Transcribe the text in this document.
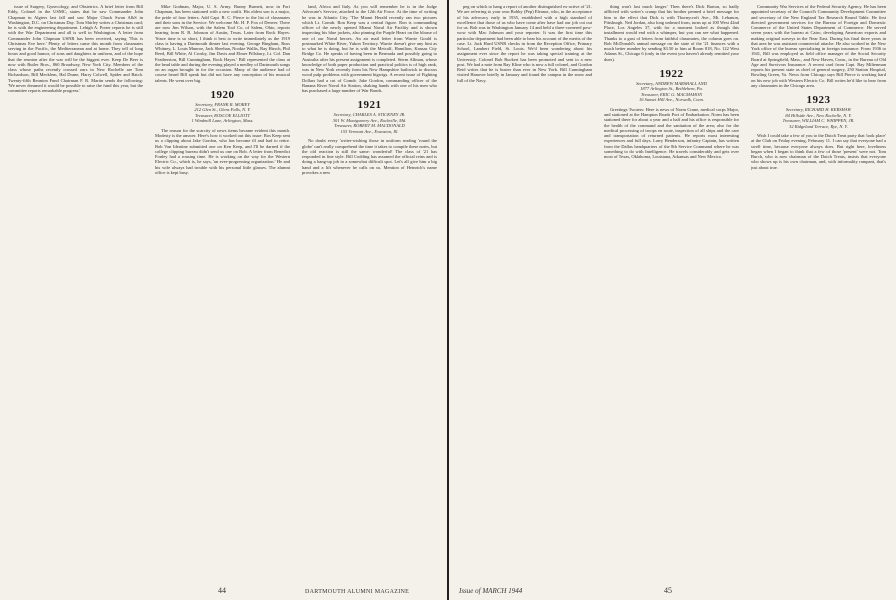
issue of Surgery, Gynecology, and Obstetrics. A brief letter from Bill Eddy, Colonel in the USMC, states that he saw Commander John Chapman in Algiers last fall and saw Major Chuck Swan A&S in Washington, D.C. on Christmas Day. Tom Shirley writes a Christmas card; he is with the engineering department. Lehigh A. Porter reports he is still with the War Department and all is well in Washington. A letter from Commander John Chipman USNR has been received, saying 'This is Christmas Eve here.' Plenty of letters came this month from classmates serving in the Pacific, the Mediterranean and at home. They tell of long hours and good humor, of sons and daughters in uniform, and of the hope that the reunion after the war will be the biggest ever. Keep De Beer is now with Butler Bros., 860 Broadway, New York City. Members of the class whose paths recently crossed ours in New Rochelle are Tom Richardson, Bill Mecklem, Hal Drane, Harry Colwell, Spider and Batch. Twenty-fifth Reunion Fund Chairman F. R. Martin sends the following: 'We never dreamed it would be possible to raise the fund this year, but the committee reports remarkable progress.'

Mike Godman, Major, U. S. Army. Bunny Burnett, now in Fort Chapman, has been stationed with a new outfit. His oldest son is a major, the pride of four letters. Add Capt. R. C. Pierce to the list of classmates and their sons in the Service. We welcome Mr. H. P. Fox of Denver. There are now Jim Wilson, with the Salem Tool Co. of Salem, Ohio, reports hearing from R. B. Johnson of Austin, Texas. Later from Rock Hayes: 'Since time is so short, I think it best to write immediately as the 1919 class is having a Dartmouth dinner last evening. George Bingham, Russ Whitney, L. Louis Munroe, Jack Sheehan, Nookie Wallis, Ray Hirsch, Phil Reed, Bill White, Al Crosby, Jim Davis and Elmer Pillsbury, Lt. Col. Dan Featherston, Bill Cunningham, Rock Hayes.' Bill represented the class at the head table and during the evening played a medley of Dartmouth songs on an organ brought in for the occasion. Many of the audience had of course heard Bill speak but did not have any conception of his musical talents. He went over big.

1920
Secretary, FRANK R. MOREY
212 Glen St., Glens Falls, N. Y.
Treasurer, ROSCOE ELLIOTT
1 Windmill Lane, Arlington, Mass.

The reason for the scarcity of news items became evident this month. Modesty is the answer. Here's how it worked out this issue: Ros Keep sent us a clipping about Jake Gordon, who has become ill and had to retire. Bob Van Ideutine submitted one on Ken Keep, and I'll be darned if the college clipping bureau didn't send us one on Bob. A letter from Benedict Fonley had a rousing time. He is working on the way for the Western Electric Co., which is, he says, 'an ever-progressing organization.' He and his wife always had trouble with his personal little glasses. The alumni office is kept busy.

land, Africa and Italy. As you will remember he is in the Judge Advocate's Service, attached to the 12th Air Force. At the time of writing he was in Atlantic City. 'The Miami Herald recently ran two pictures which Lt. Comdr. Ron Keep was a central figure. Ron is commanding officer of the newly opened Miami Naval Air Facility and is shown inspecting his blue jackets, also pinning the Purple Heart on the blouse of one of our Naval heroes. An air mail letter from Warrie Gould is postmarked White River, Yukon Territory. Warrie doesn't give any hint as to what he is doing, but he is with the Metcalf, Hamilton, Kansas City Bridge Co. He speaks of having been in Bermuda and possibly going to Australia after his present assignment is completed. Sterm Allman, whose knowledge of both paper production and practical politics is of high rank, was in New York recently from his New Hampshire bailiwick to discuss wood pulp problems with government bigwigs. A recent issue of Fighting Dollars had a cut of Comdr. Jake Gordon, commanding officer of the Banana River Naval Air Station, shaking hands with one of his men who has purchased a large number of War Bonds.

1921
Secretary, CHARLES A. STICKNEY JR.
301 W. Montgomery Ave., Rockville, Md.
Treasurer, ROBERT M. MACDONALD
153 Vermont Ave., Evanston, Ill.

No doubt every 'writer-wishing those in uniform reading 'round the globe' can't really comprehend the time it takes to compile these notes, but the old reaction is still the same: wonderful! The class of '21 has responded in fine style. Bill Codding has assumed the official reins and is doing a bang-up job in a somewhat difficult spot. Let's all give him a big hand and a lift whenever he calls on us. Mention of Heinrich's name provokes a new

44	DARTMOUTH ALUMNI MAGAZINE

peg on which to hang a report of another distinguished ex-active of '21. We are referring to your own Bobby (Pep) Eleanor, who, in the acceptance of his advocacy early in 1935, established with a high standard of excellence that those of us who have come after have had our job cut out for us. Bob was in Washington January 14 and held a three-cornered pow-wow with Mac Johnson and your reporter. It was the first time this particular department had been able to hear his account of the merits of the case. Lt. Jack Hurd USNR checks in from the Reception Office, Primary School, Lambert Field, St. Louis. We'd been wondering about his assignment ever since the report he was taking special training at the University. Colonel Bob Ruckert has been promoted and sent to a new post. We had a note from Ray Kline who is now a full colonel, and Gordon Reid writes that he is busier than ever in New York. Bill Cunningham visited Hanover briefly in January and found the campus in the snow and full of the Navy.

thing won't last much longer.' Then there's Dick Barton, so badly afflicted with writer's cramp that his brother penned a brief message for him to the effect that Dick is with Thornycroft Ave., Mt. Lebanon, Pittsburgh. Ned Jordan, also long unheard from, turns up at 100 West 42nd Place, Los Angeles 37, with for a moment looked as though this installment would end with a whimper, but you can see what happened. Thanks to a gust of letters from faithful classmates, the column goes on. Bob McDonald's annual message on the state of the '21 finances with a much better number by sending $3.50 to him at Room 818, No. 122 West Adams St., Chicago 6 (only in the event you haven't already remitted your dues).

1922
Secretary, ANDREW MARSHALL AND
1877 Arlington St., Bethlehem, Pa.
Treasurer, ERIC G. MACMAHON
16 Sunset Hill Ave., Norwalk, Conn.

Greetings Twoters: Here is news of Norm Crane, medical corps Major, and stationed at the Hampton Roads Port of Embarkation. Norm has been stationed there for about a year and a half and his office is responsible for the health of the command and the sanitation of the area; also for the medical processing of troops en route, inspection of all ships and the care and transportation of returned patients. He reports most interesting experiences and full days. Larry Henderson, infantry Captain, has written from the Dallas headquarters of the 8th Service Command where he was something to do with Intelligence. He travels considerably and gets over most of Texas, Oklahoma, Louisiana, Arkansas and New Mexico.

Community War Services of the Federal Security Agency. He has been appointed secretary of the Council's Community Development Committee and secretary of the New England Tax Research Round Table. He first directed government services for the Bureau of Foreign and Domestic Commerce of the United States Department of Commerce. He served seven years with the bureau at Cairo, developing American exports and making original surveys in the Near East. During his final three years in that area he was assistant commercial attache. He also worked in the New York office of the bureau specializing in foreign insurance. From 1936 to 1941, Bill was employed as field office manager of the Social Security Board at Springfield, Mass., and New Haven, Conn., in the Bureau of Old Age and Survivors Insurance. A recent card from Capt. Ray Miltenman reports his present state as chief of general surgery, 250 Station Hospital, Bowling Green, Va. News from Chicago says Bill Pierce is working hard on his new job with Western Electric Co. Bill writes he'd like to hear from any classmates in the Chicago area.

1923
Secretary, RICHARD H. KERSHAW
84 Hillside Ave., New Rochelle, N. Y.
Treasurer, WILLIAM C. WHIPPEN, JR.
32 Ridgeland Terrace, Rye, N. Y.

Wish I could take a few of you to the Dutch Treat party that 'took place' at the Club on Friday evening, February 11. I can say that everyone had a swell time, because everyone always does. But right here, loveliness began when I began to think that a few of those 'present' were not. Tom Burch, who is now chairman of the Dutch Treats, insists that everyone who shows up is his own chairman, and, with informality rampant, that's just about true.

Issue of MARCH 1944	45
